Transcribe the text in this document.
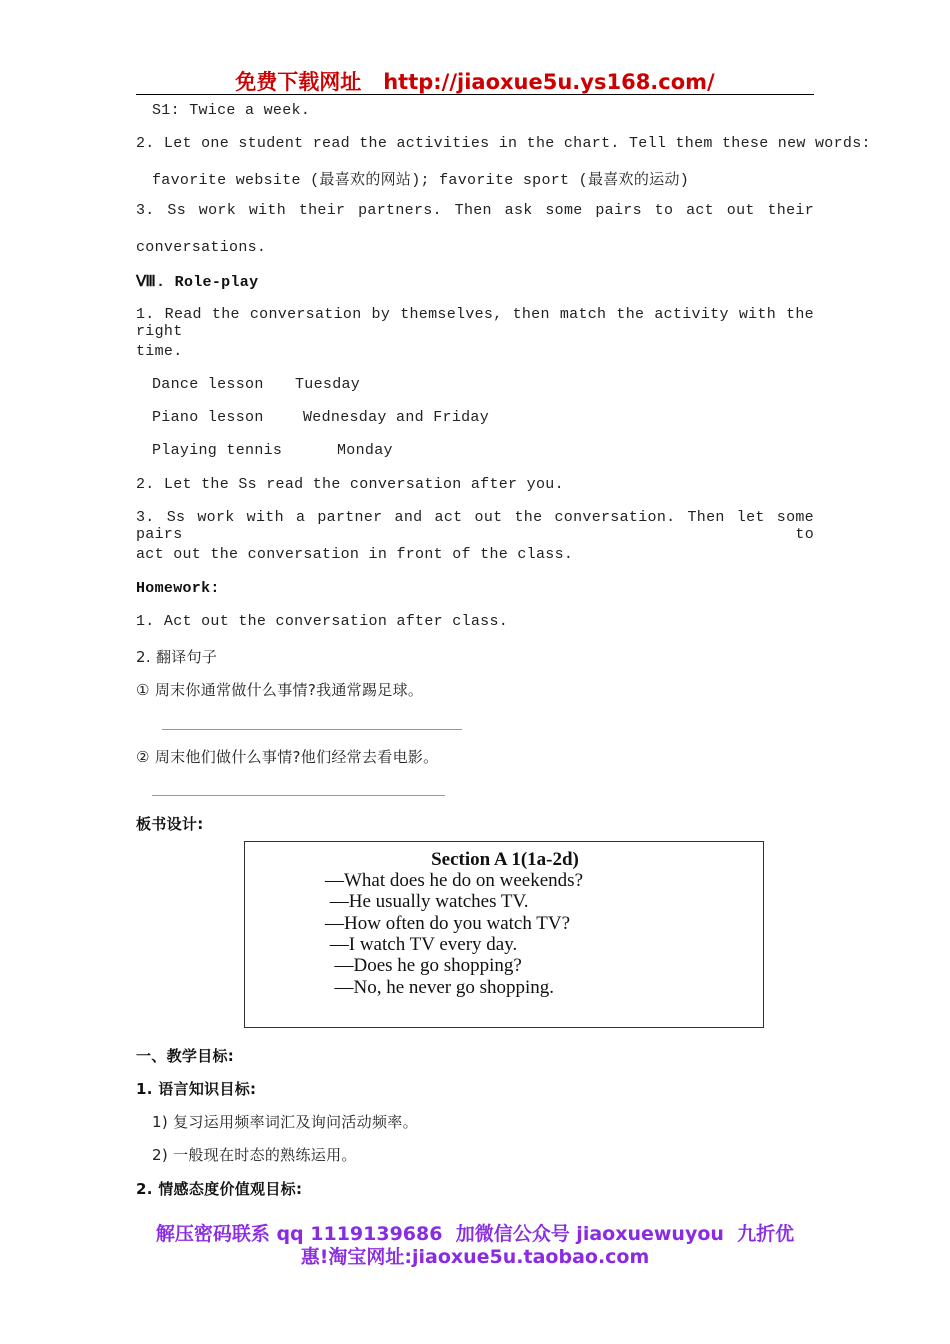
免费下载网址   http://jiaoxue5u.ys168.com/
S1: Twice a week.
2. Let one student read the activities in the chart. Tell them these new words:
favorite website (最喜欢的网站); favorite sport (最喜欢的运动)
3. Ss work with their partners. Then ask some pairs to act out their
conversations.
Ⅷ. Role-play
1. Read the conversation by themselves, then match the activity with the right
time.
Dance lesson Tuesday
Piano lesson	Wednesday and Friday
Playing tennis	Monday
2. Let the Ss read the conversation after you.
3. Ss work with a partner and act out the conversation. Then let some pairs to
act out the conversation in front of the class.
Homework:
1. Act out the conversation after class.
2. 翻译句子
① 周末你通常做什么事情?我通常踢足球。
② 周末他们做什么事情?他们经常去看电影。
板书设计:
Section A 1(1a-2d)
—What does he do on weekends?
—He usually watches TV.
—How often do you watch TV?
—I watch TV every day.
—Does he go shopping?
—No, he never go shopping.
一、教学目标:
1. 语言知识目标:
1) 复习运用频率词汇及询问活动频率。
2) 一般现在时态的熟练运用。
2. 情感态度价值观目标:
解压密码联系 qq 1119139686  加微信公众号 jiaoxuewuyou  九折优
惠!淘宝网址:jiaoxue5u.taobao.com
